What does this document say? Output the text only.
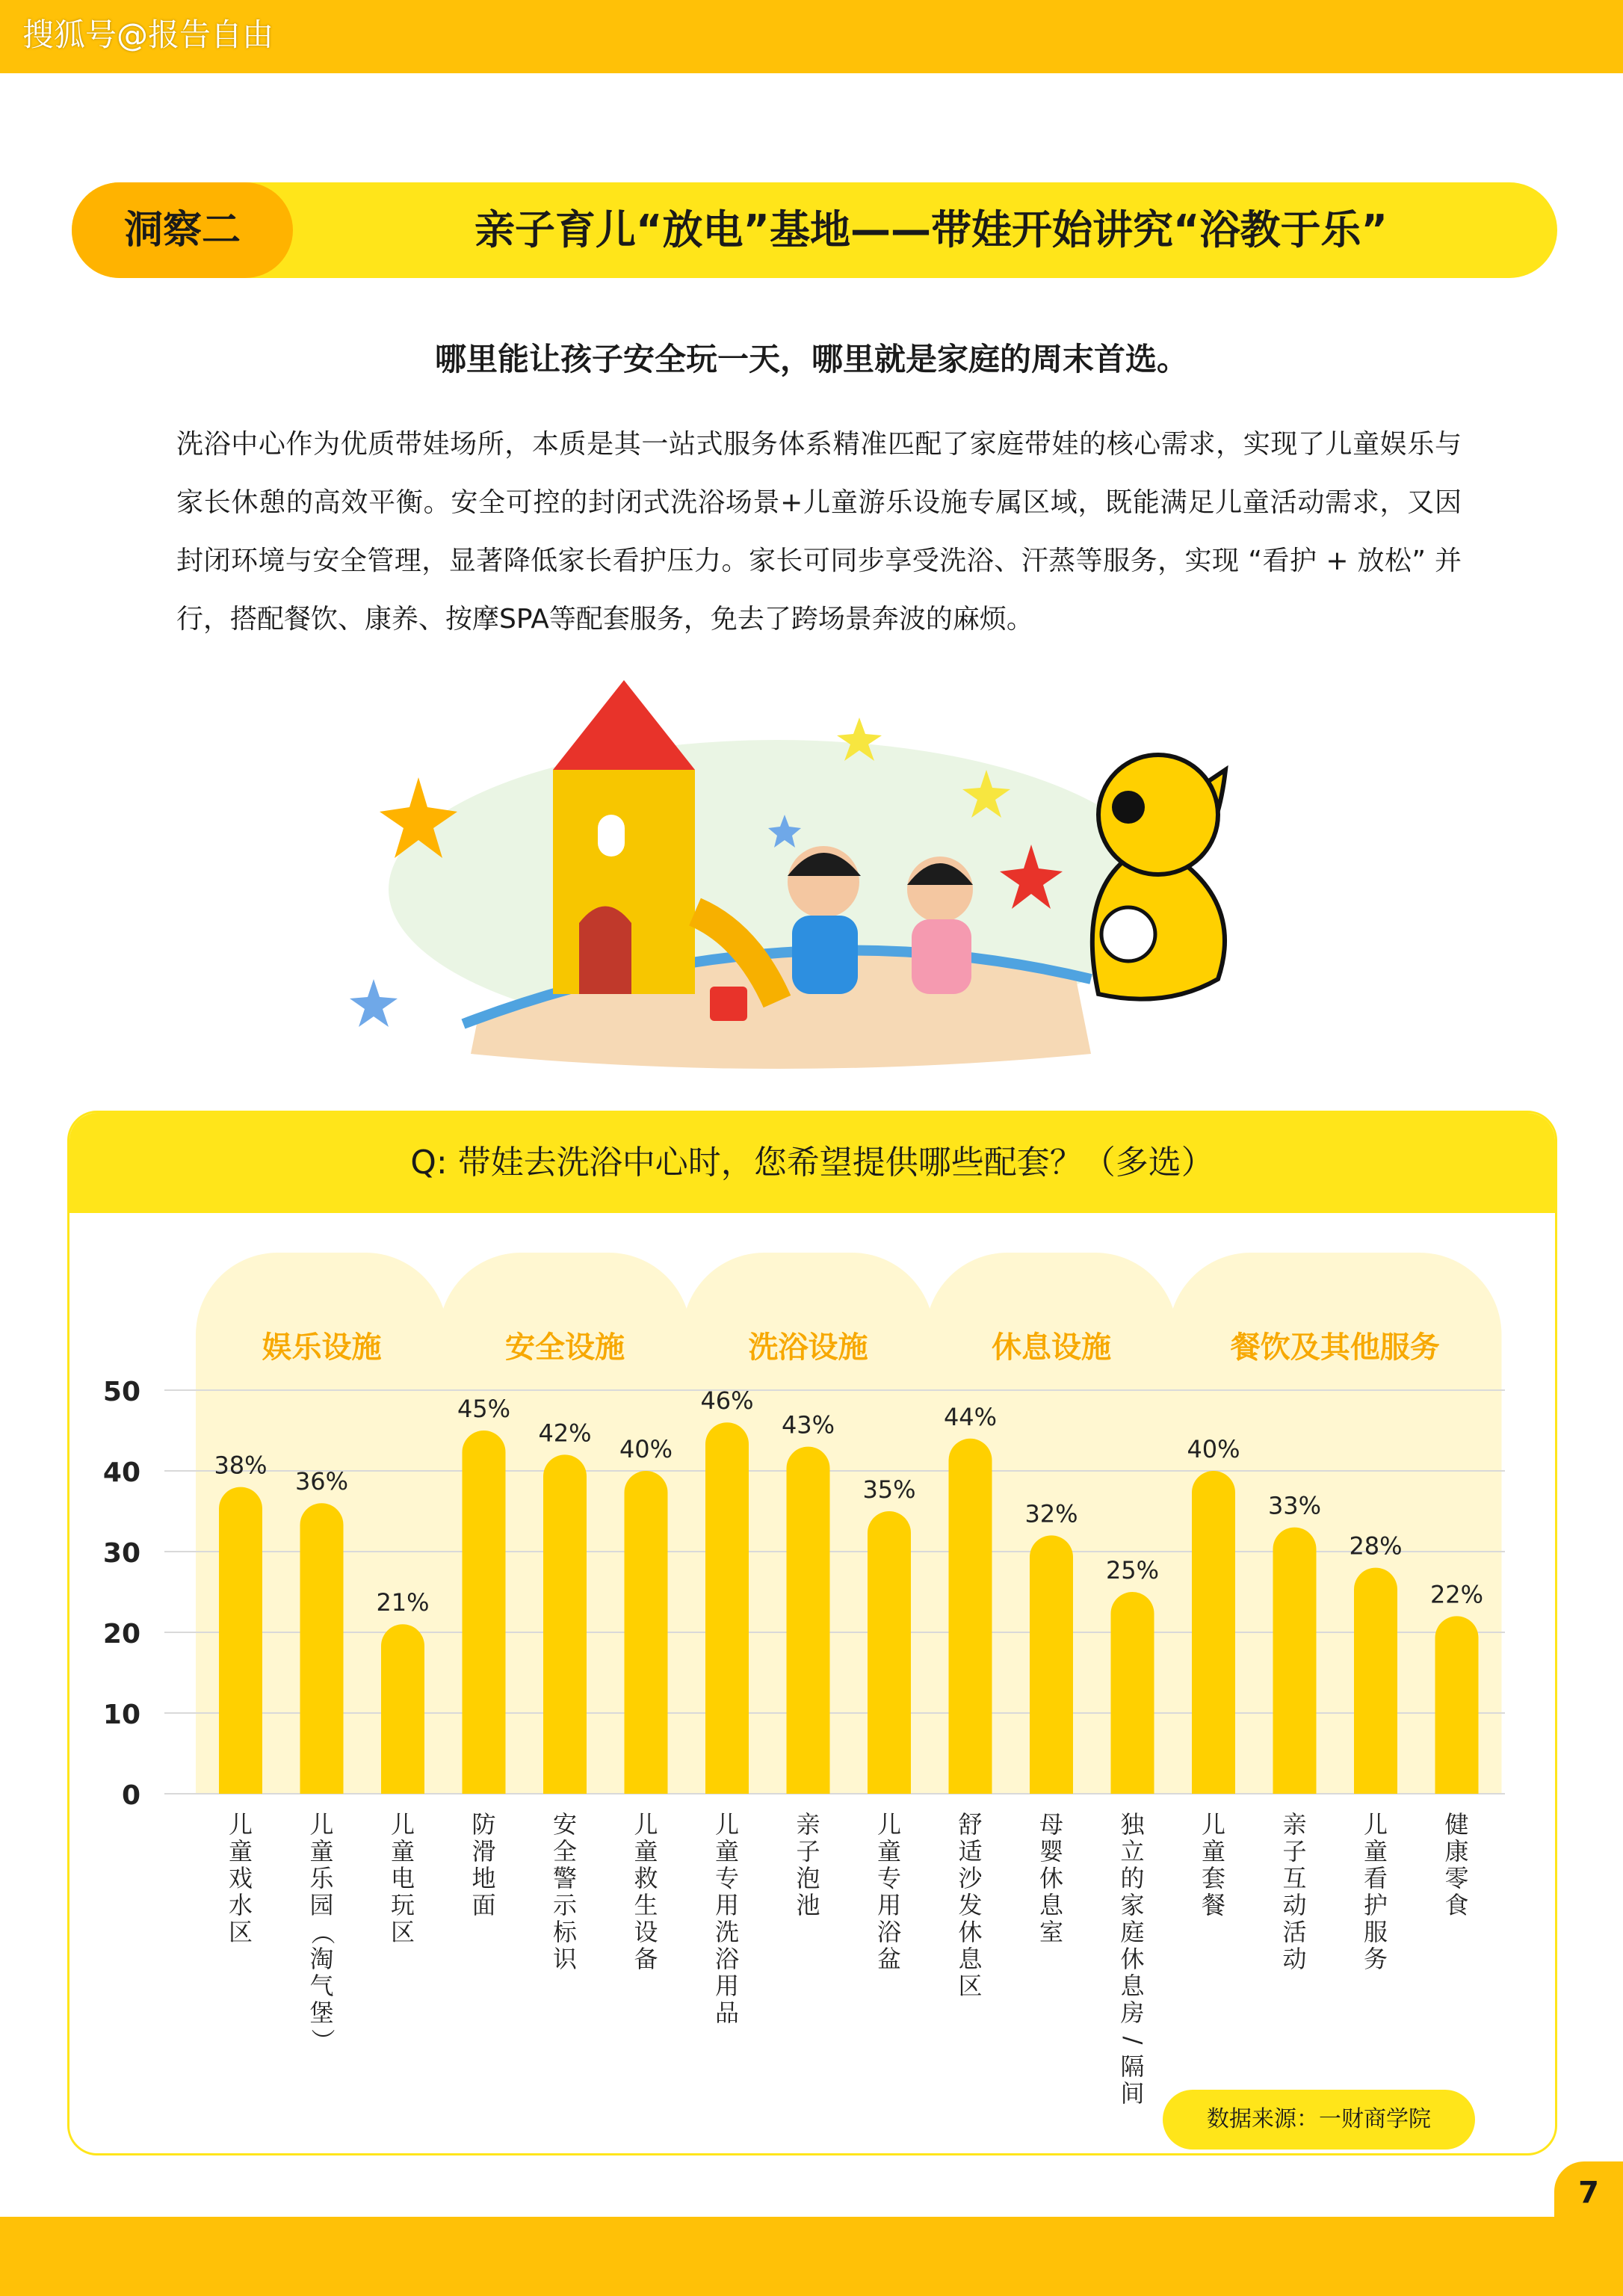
搜狐号@报告自由
洞察二	亲子育儿“放电”基地——带娃开始讲究“浴教于乐”
哪里能让孩子安全玩一天，哪里就是家庭的周末首选。
洗浴中心作为优质带娃场所，本质是其一站式服务体系精准匹配了家庭带娃的核心需求，实现了儿童娱乐与家长休憩的高效平衡。安全可控的封闭式洗浴场景+儿童游乐设施专属区域，既能满足儿童活动需求，又因封闭环境与安全管理，显著降低家长看护压力。家长可同步享受洗浴、汗蒸等服务，实现 “看护 + 放松” 并行，搭配餐饮、康养、按摩SPA等配套服务，免去了跨场景奔波的麻烦。
Q: 带娃去洗浴中心时，您希望提供哪些配套？（多选）
娱乐设施	安全设施	洗浴设施	休息设施	餐饮及其他服务
0
10
20
30
40
50
38%
儿
童
戏
水
区
36%
儿
童
乐
园
（
淘
气
堡
）
21%
儿
童
电
玩
区
45%
防
滑
地
面
42%
安
全
警
示
标
识
40%
儿
童
救
生
设
备
46%
儿
童
专
用
洗
浴
用
品
43%
亲
子
泡
池
35%
儿
童
专
用
浴
盆
44%
舒
适
沙
发
休
息
区
32%
母
婴
休
息
室
25%
独
立
的
家
庭
休
息
房
/
隔
间
40%
儿
童
套
餐
33%
亲
子
互
动
活
动
28%
儿
童
看
护
服
务
22%
健
康
零
食
数据来源：一财商学院
7
